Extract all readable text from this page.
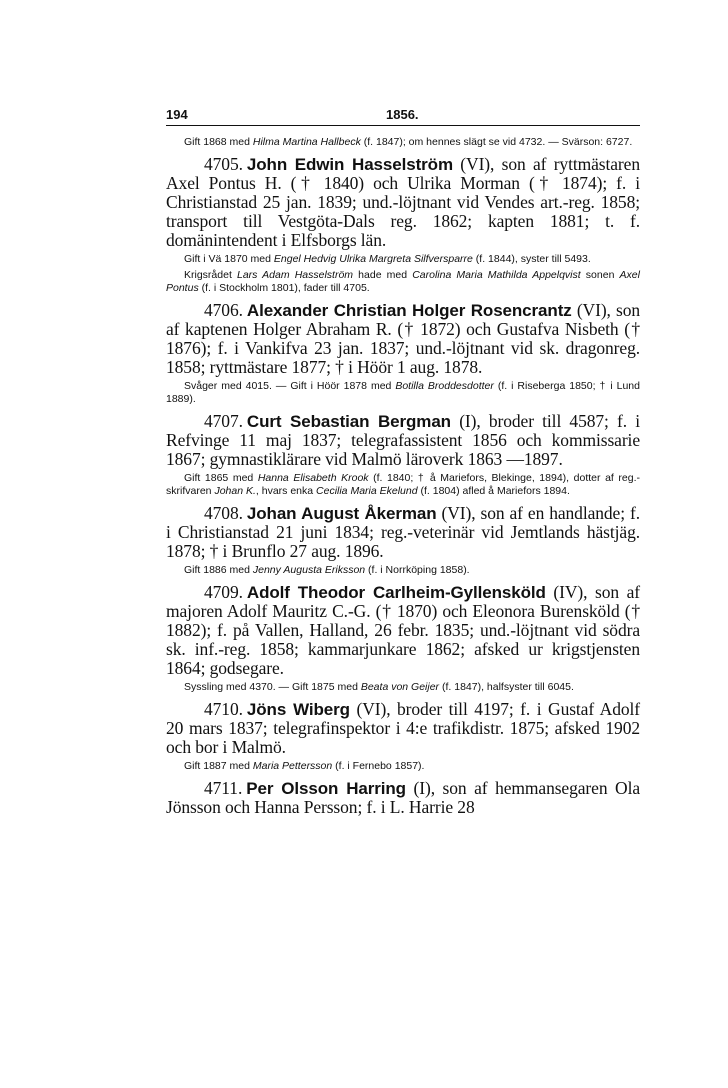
194	1856.

Gift 1868 med Hilma Martina Hallbeck (f. 1847); om hennes slägt se vid 4732. — Svärson: 6727.

4705. John Edwin Hasselström (VI), son af ryttmästaren Axel Pontus H. († 1840) och Ulrika Morman († 1874); f. i Christianstad 25 jan. 1839; und.-löjtnant vid Vendes art.-reg. 1858; transport till Vestgöta-Dals reg. 1862; kapten 1881; t. f. domänintendent i Elfsborgs län.

Gift i Vä 1870 med Engel Hedvig Ulrika Margreta Silfversparre (f. 1844), syster till 5493.

Krigsrådet Lars Adam Hasselström hade med Carolina Maria Mathilda Appelqvist sonen Axel Pontus (f. i Stockholm 1801), fader till 4705.

4706. Alexander Christian Holger Rosencrantz (VI), son af kaptenen Holger Abraham R. († 1872) och Gustafva Nisbeth († 1876); f. i Vankifva 23 jan. 1837; und.-löjtnant vid sk. dragonreg. 1858; ryttmästare 1877; † i Höör 1 aug. 1878.

Svåger med 4015. — Gift i Höör 1878 med Botilla Broddesdotter (f. i Riseberga 1850; † i Lund 1889).

4707. Curt Sebastian Bergman (I), broder till 4587; f. i Refvinge 11 maj 1837; telegrafassistent 1856 och kommissarie 1867; gymnastiklärare vid Malmö läroverk 1863 —1897.

Gift 1865 med Hanna Elisabeth Krook (f. 1840; † å Mariefors, Blekinge, 1894), dotter af reg.-skrifvaren Johan K., hvars enka Cecilia Maria Ekelund (f. 1804) afled å Mariefors 1894.

4708. Johan August Åkerman (VI), son af en handlande; f. i Christianstad 21 juni 1834; reg.-veterinär vid Jemtlands hästjäg. 1878; † i Brunflo 27 aug. 1896.

Gift 1886 med Jenny Augusta Eriksson (f. i Norrköping 1858).

4709. Adolf Theodor Carlheim-Gyllensköld (IV), son af majoren Adolf Mauritz C.-G. († 1870) och Eleonora Burensköld († 1882); f. på Vallen, Halland, 26 febr. 1835; und.-löjtnant vid södra sk. inf.-reg. 1858; kammarjunkare 1862; afsked ur krigstjensten 1864; godsegare.

Syssling med 4370. — Gift 1875 med Beata von Geijer (f. 1847), halfsyster till 6045.

4710. Jöns Wiberg (VI), broder till 4197; f. i Gustaf Adolf 20 mars 1837; telegrafinspektor i 4:e trafikdistr. 1875; afsked 1902 och bor i Malmö.

Gift 1887 med Maria Pettersson (f. i Fernebo 1857).

4711. Per Olsson Harring (I), son af hemmansegaren Ola Jönsson och Hanna Persson; f. i L. Harrie 28
